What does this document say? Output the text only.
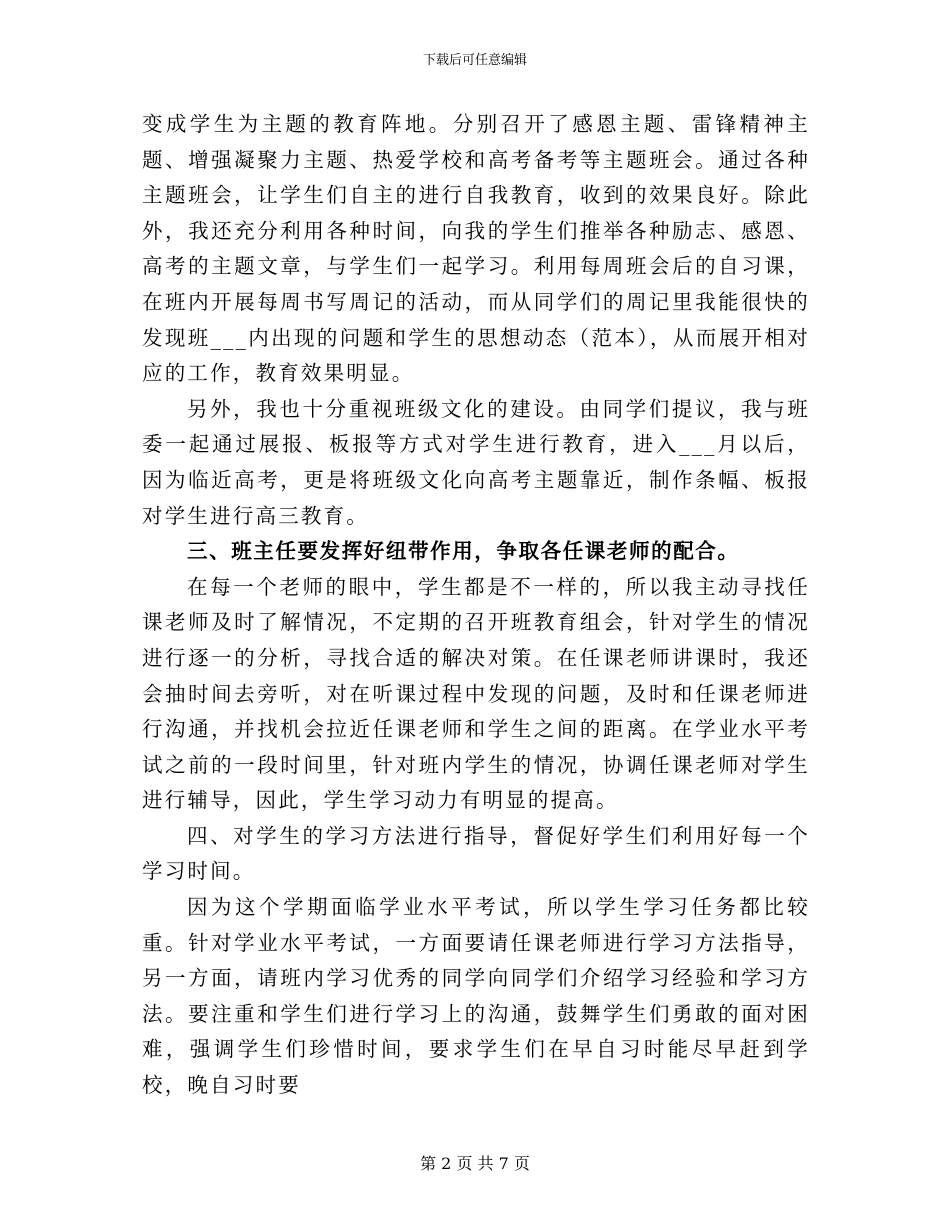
下载后可任意编辑

变成学生为主题的教育阵地。分别召开了感恩主题、雷锋精神主题、增强凝聚力主题、热爱学校和高考备考等主题班会。通过各种主题班会，让学生们自主的进行自我教育，收到的效果良好。除此外，我还充分利用各种时间，向我的学生们推举各种励志、感恩、高考的主题文章，与学生们一起学习。利用每周班会后的自习课，在班内开展每周书写周记的活动，而从同学们的周记里我能很快的发现班___内出现的问题和学生的思想动态（范本），从而展开相对应的工作，教育效果明显。

另外，我也十分重视班级文化的建设。由同学们提议，我与班委一起通过展报、板报等方式对学生进行教育，进入___月以后，因为临近高考，更是将班级文化向高考主题靠近，制作条幅、板报对学生进行高三教育。

三、班主任要发挥好纽带作用，争取各任课老师的配合。

在每一个老师的眼中，学生都是不一样的，所以我主动寻找任课老师及时了解情况，不定期的召开班教育组会，针对学生的情况进行逐一的分析，寻找合适的解决对策。在任课老师讲课时，我还会抽时间去旁听，对在听课过程中发现的问题，及时和任课老师进行沟通，并找机会拉近任课老师和学生之间的距离。在学业水平考试之前的一段时间里，针对班内学生的情况，协调任课老师对学生进行辅导，因此，学生学习动力有明显的提高。

四、对学生的学习方法进行指导，督促好学生们利用好每一个学习时间。

因为这个学期面临学业水平考试，所以学生学习任务都比较重。针对学业水平考试，一方面要请任课老师进行学习方法指导，另一方面，请班内学习优秀的同学向同学们介绍学习经验和学习方法。要注重和学生们进行学习上的沟通，鼓舞学生们勇敢的面对困难，强调学生们珍惜时间，要求学生们在早自习时能尽早赶到学校，晚自习时要

第 2 页 共 7 页
